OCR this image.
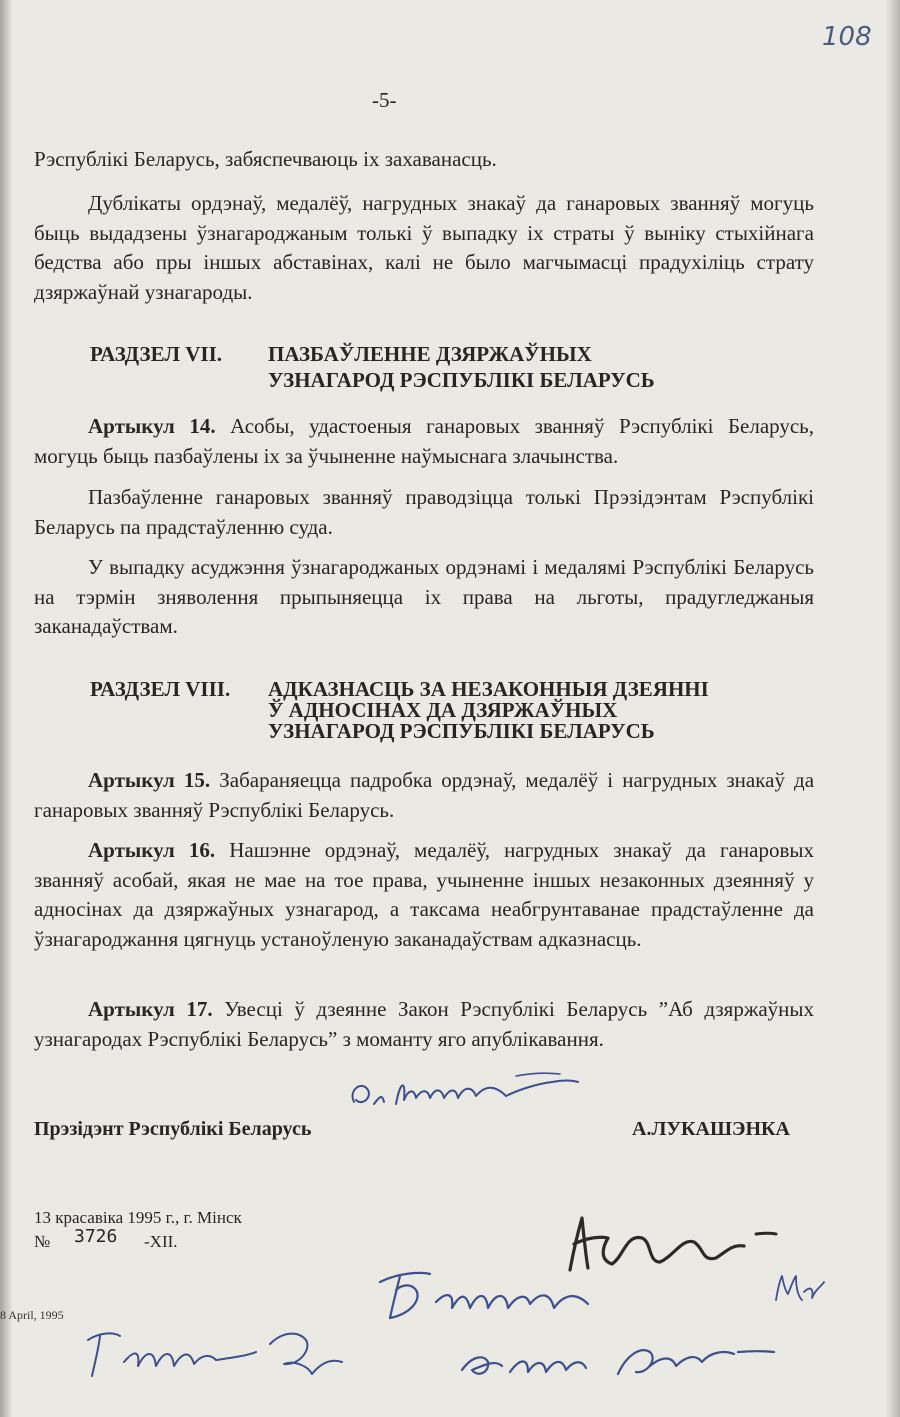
108
-5-
Рэспублікі Беларусь, забяспечваюць іх захаванасць.
Дублікаты ордэнаў, медалёў, нагрудных знакаў да ганаровых званняў могуць быць выдадзены ўзнагароджаным толькі ў выпадку іх страты ў выніку стыхійнага бедства або пры іншых абставінах, калі не было магчымасці прадухіліць страту дзяржаўнай узнагароды.
РАЗДЗЕЛ VII. ПАЗБАЎЛЕННЕ ДЗЯРЖАЎНЫХ
УЗНАГАРОД РЭСПУБЛІКІ БЕЛАРУСЬ
Артыкул 14. Асобы, удастоеныя ганаровых званняў Рэспублікі Беларусь, могуць быць пазбаўлены іх за ўчыненне наўмыснага злачынства.
Пазбаўленне ганаровых званняў праводзіцца толькі Прэзідэнтам Рэспублікі Беларусь па прадстаўленню суда.
У выпадку асуджэння ўзнагароджаных ордэнамі і медалямі Рэспублікі Беларусь на тэрмін зняволення прыпыняецца іх права на льготы, прадугледжаныя заканадаўствам.
РАЗДЗЕЛ VIII. АДКАЗНАСЦЬ ЗА НЕЗАКОННЫЯ ДЗЕЯННІ
Ў АДНОСІНАХ ДА ДЗЯРЖАЎНЫХ
УЗНАГАРОД РЭСПУБЛІКІ БЕЛАРУСЬ
Артыкул 15. Забараняецца падробка ордэнаў, медалёў і нагрудных знакаў да ганаровых званняў Рэспублікі Беларусь.
Артыкул 16. Нашэнне ордэнаў, медалёў, нагрудных знакаў да ганаровых званняў асобай, якая не мае на тое права, учыненне іншых незаконных дзеянняў у адносінах да дзяржаўных узнагарод, а таксама неабгрунтаванае прадстаўленне да ўзнагароджання цягнуць устаноўленую заканадаўствам адказнасць.
Артыкул 17. Увесці ў дзеянне Закон Рэспублікі Беларусь ”Аб дзяржаўных узнагародах Рэспублікі Беларусь” з моманту яго апублікавання.
Прэзідэнт Рэспублікі Беларусь	А.ЛУКАШЭНКА
13 красавіка 1995 г., г. Мінск
№ 3726 -XII.
8 April, 1995
